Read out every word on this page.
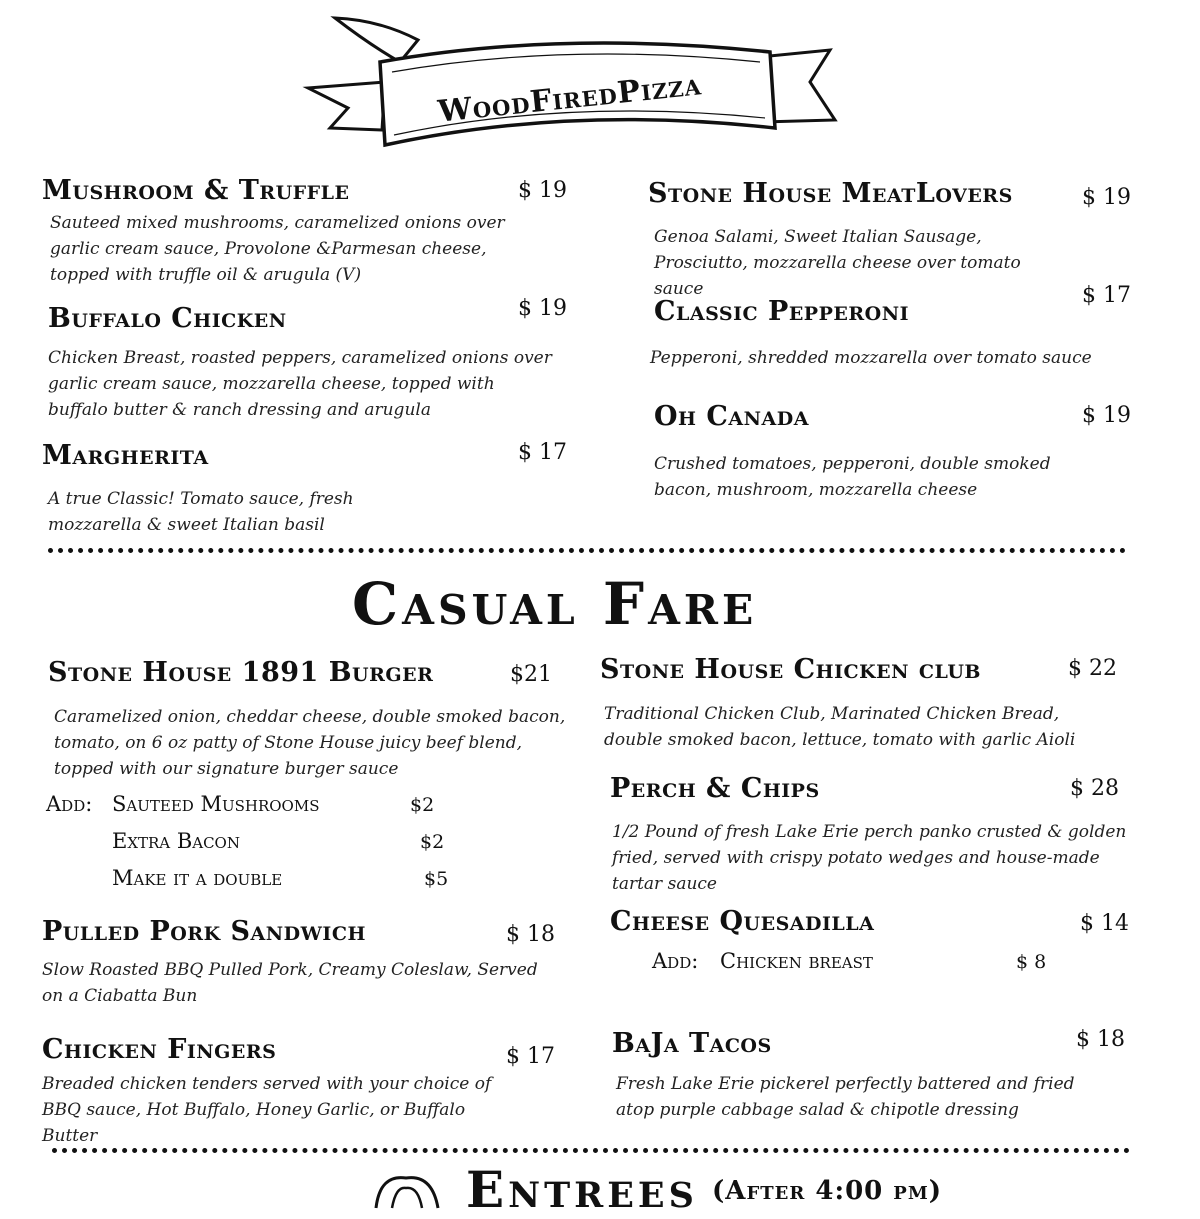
WoodFiredPizza
Mushroom & Truffle	$ 19
Sauteed mixed mushrooms, caramelized onions over garlic cream sauce, Provolone &Parmesan cheese, topped with truffle oil & arugula (V)
Buffalo Chicken	$ 19
Chicken Breast, roasted peppers, caramelized onions over garlic cream sauce, mozzarella cheese, topped with buffalo butter & ranch dressing and arugula
Margherita	$ 17
A true Classic! Tomato sauce, fresh mozzarella & sweet Italian basil
Stone House MeatLovers	$ 19
Genoa Salami, Sweet Italian Sausage, Prosciutto, mozzarella cheese over tomato sauce
Classic Pepperoni
$ 17
Pepperoni, shredded mozzarella over tomato sauce
Oh Canada	$ 19
Crushed tomatoes, pepperoni, double smoked bacon, mushroom, mozzarella cheese
Casual Fare
Stone House 1891 Burger	$21
Caramelized onion, cheddar cheese, double smoked bacon, tomato, on 6 oz patty of Stone House juicy beef blend, topped with our signature burger sauce
Add: Sauteed Mushrooms	$2
Extra Bacon	$2
Make it a double	$5
Pulled Pork Sandwich	$ 18
Slow Roasted BBQ Pulled Pork, Creamy Coleslaw, Served on a Ciabatta Bun
Chicken Fingers	$ 17
Breaded chicken tenders served with your choice of BBQ sauce, Hot Buffalo, Honey Garlic, or Buffalo Butter
Stone House Chicken club	$ 22
Traditional Chicken Club, Marinated Chicken Bread, double smoked bacon, lettuce, tomato with garlic Aioli
Perch & Chips	$ 28
1/2 Pound of fresh Lake Erie perch panko crusted & golden fried, served with crispy potato wedges and house-made tartar sauce
Cheese Quesadilla	$ 14
Add: Chicken breast	$ 8
BaJa Tacos	$ 18
Fresh Lake Erie pickerel perfectly battered and fried atop purple cabbage salad & chipotle dressing
Entrees (After 4:00 pm)
